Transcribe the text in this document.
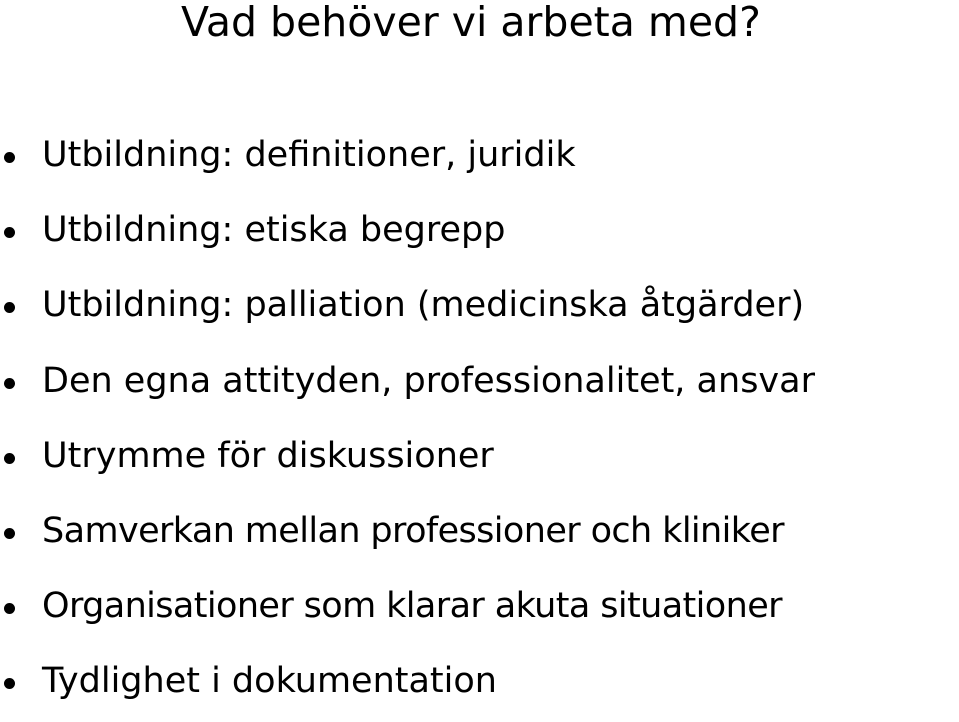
Vad behöver vi arbeta med?
Utbildning: definitioner, juridik
Utbildning: etiska begrepp
Utbildning: palliation (medicinska åtgärder)
Den egna attityden, professionalitet, ansvar
Utrymme för diskussioner
Samverkan mellan professioner och kliniker
Organisationer som klarar akuta situationer
Tydlighet i dokumentation
